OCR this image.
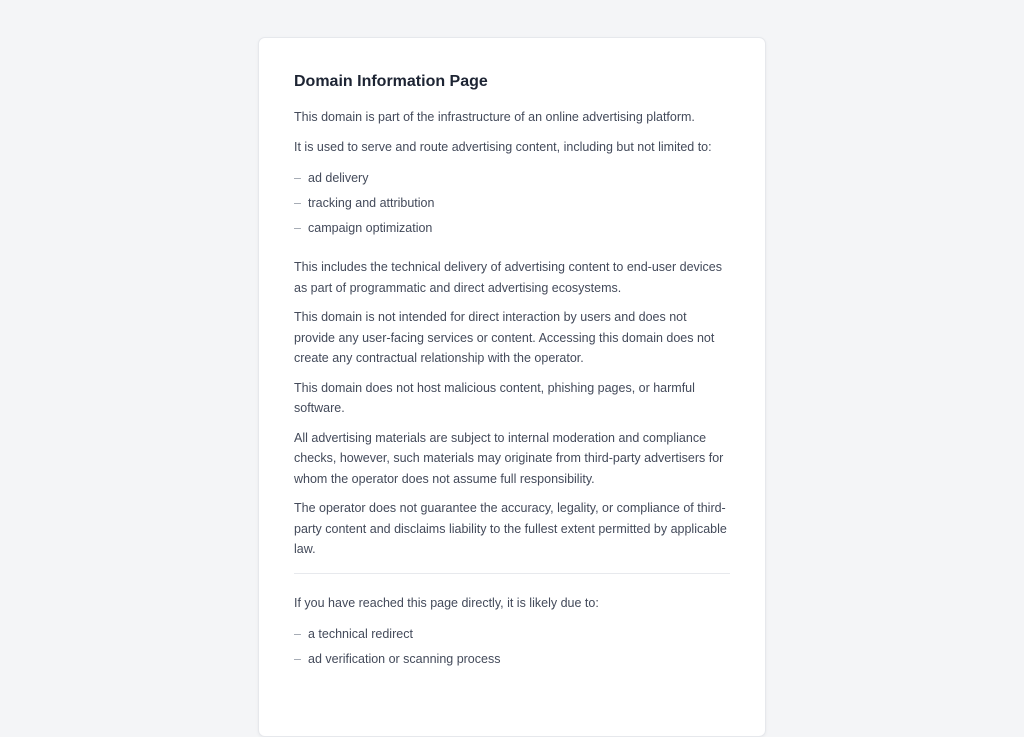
Domain Information Page

This domain is part of the infrastructure of an online advertising platform.

It is used to serve and route advertising content, including but not limited to:

– ad delivery
– tracking and attribution
– campaign optimization

This includes the technical delivery of advertising content to end-user devices as part of programmatic and direct advertising ecosystems.

This domain is not intended for direct interaction by users and does not provide any user-facing services or content. Accessing this domain does not create any contractual relationship with the operator.

This domain does not host malicious content, phishing pages, or harmful software.

All advertising materials are subject to internal moderation and compliance checks, however, such materials may originate from third-party advertisers for whom the operator does not assume full responsibility.

The operator does not guarantee the accuracy, legality, or compliance of third-party content and disclaims liability to the fullest extent permitted by applicable law.

If you have reached this page directly, it is likely due to:

– a technical redirect
– ad verification or scanning process
